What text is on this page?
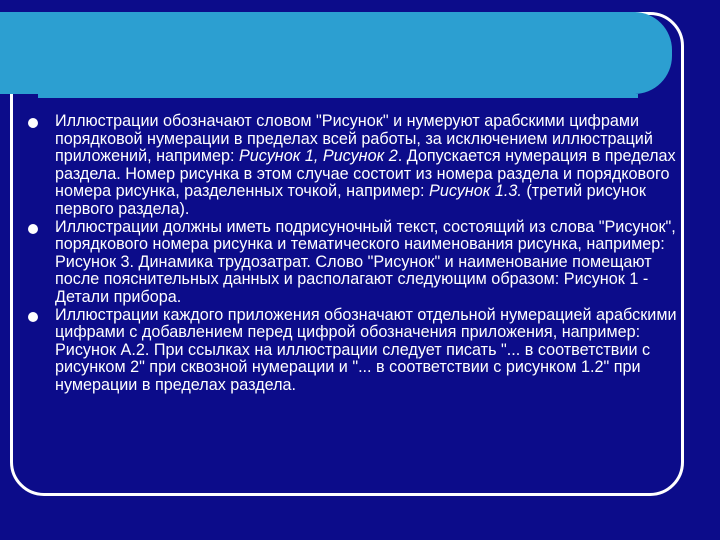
Иллюстрации обозначают словом "Рисунок" и нумеруют арабскими цифрами порядковой нумерации в пределах всей работы, за исключением иллюстраций приложений, например: Рисунок 1, Рисунок 2. Допускается нумерация в пределах раздела. Номер рисунка в этом случае состоит из номера раздела и порядкового номера рисунка, разделенных точкой, например: Рисунок 1.3. (третий рисунок первого раздела).

Иллюстрации должны иметь подрисуночный текст, состоящий из слова "Рисунок", порядкового номера рисунка и тематического наименования рисунка, например: Рисунок 3. Динамика трудозатрат. Слово "Рисунок" и наименование помещают после пояснительных данных и располагают следующим образом: Рисунок 1 - Детали прибора.

Иллюстрации каждого приложения обозначают отдельной нумерацией арабскими цифрами с добавлением перед цифрой обозначения приложения, например: Рисунок А.2. При ссылках на иллюстрации следует писать "... в соответствии с рисунком 2" при сквозной нумерации и "... в соответствии с рисунком 1.2" при нумерации в пределах раздела.
